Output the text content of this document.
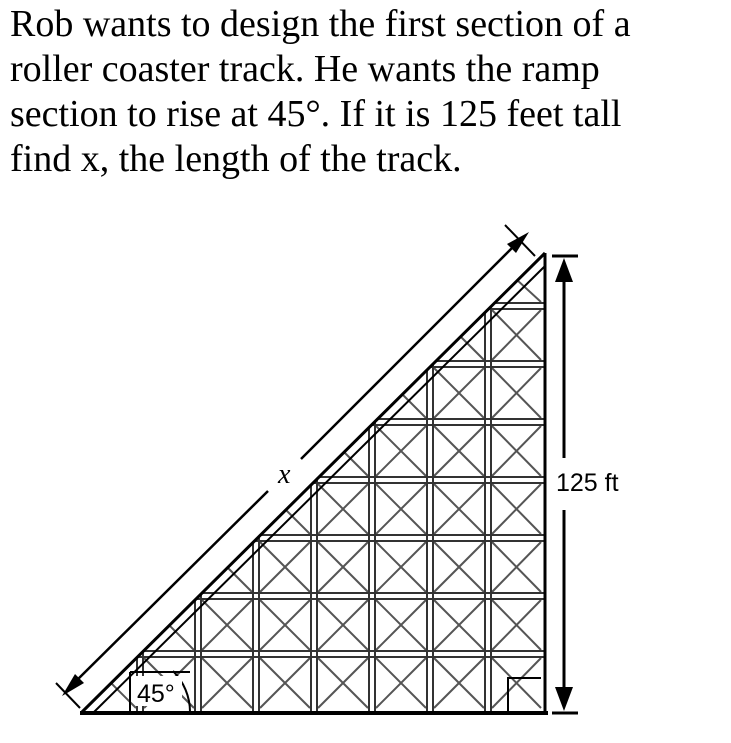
Rob wants to design the first section of a
roller coaster track. He wants the ramp
section to rise at 45°. If it is 125 feet tall
find x, the length of the track.
45°
x	125 ft
